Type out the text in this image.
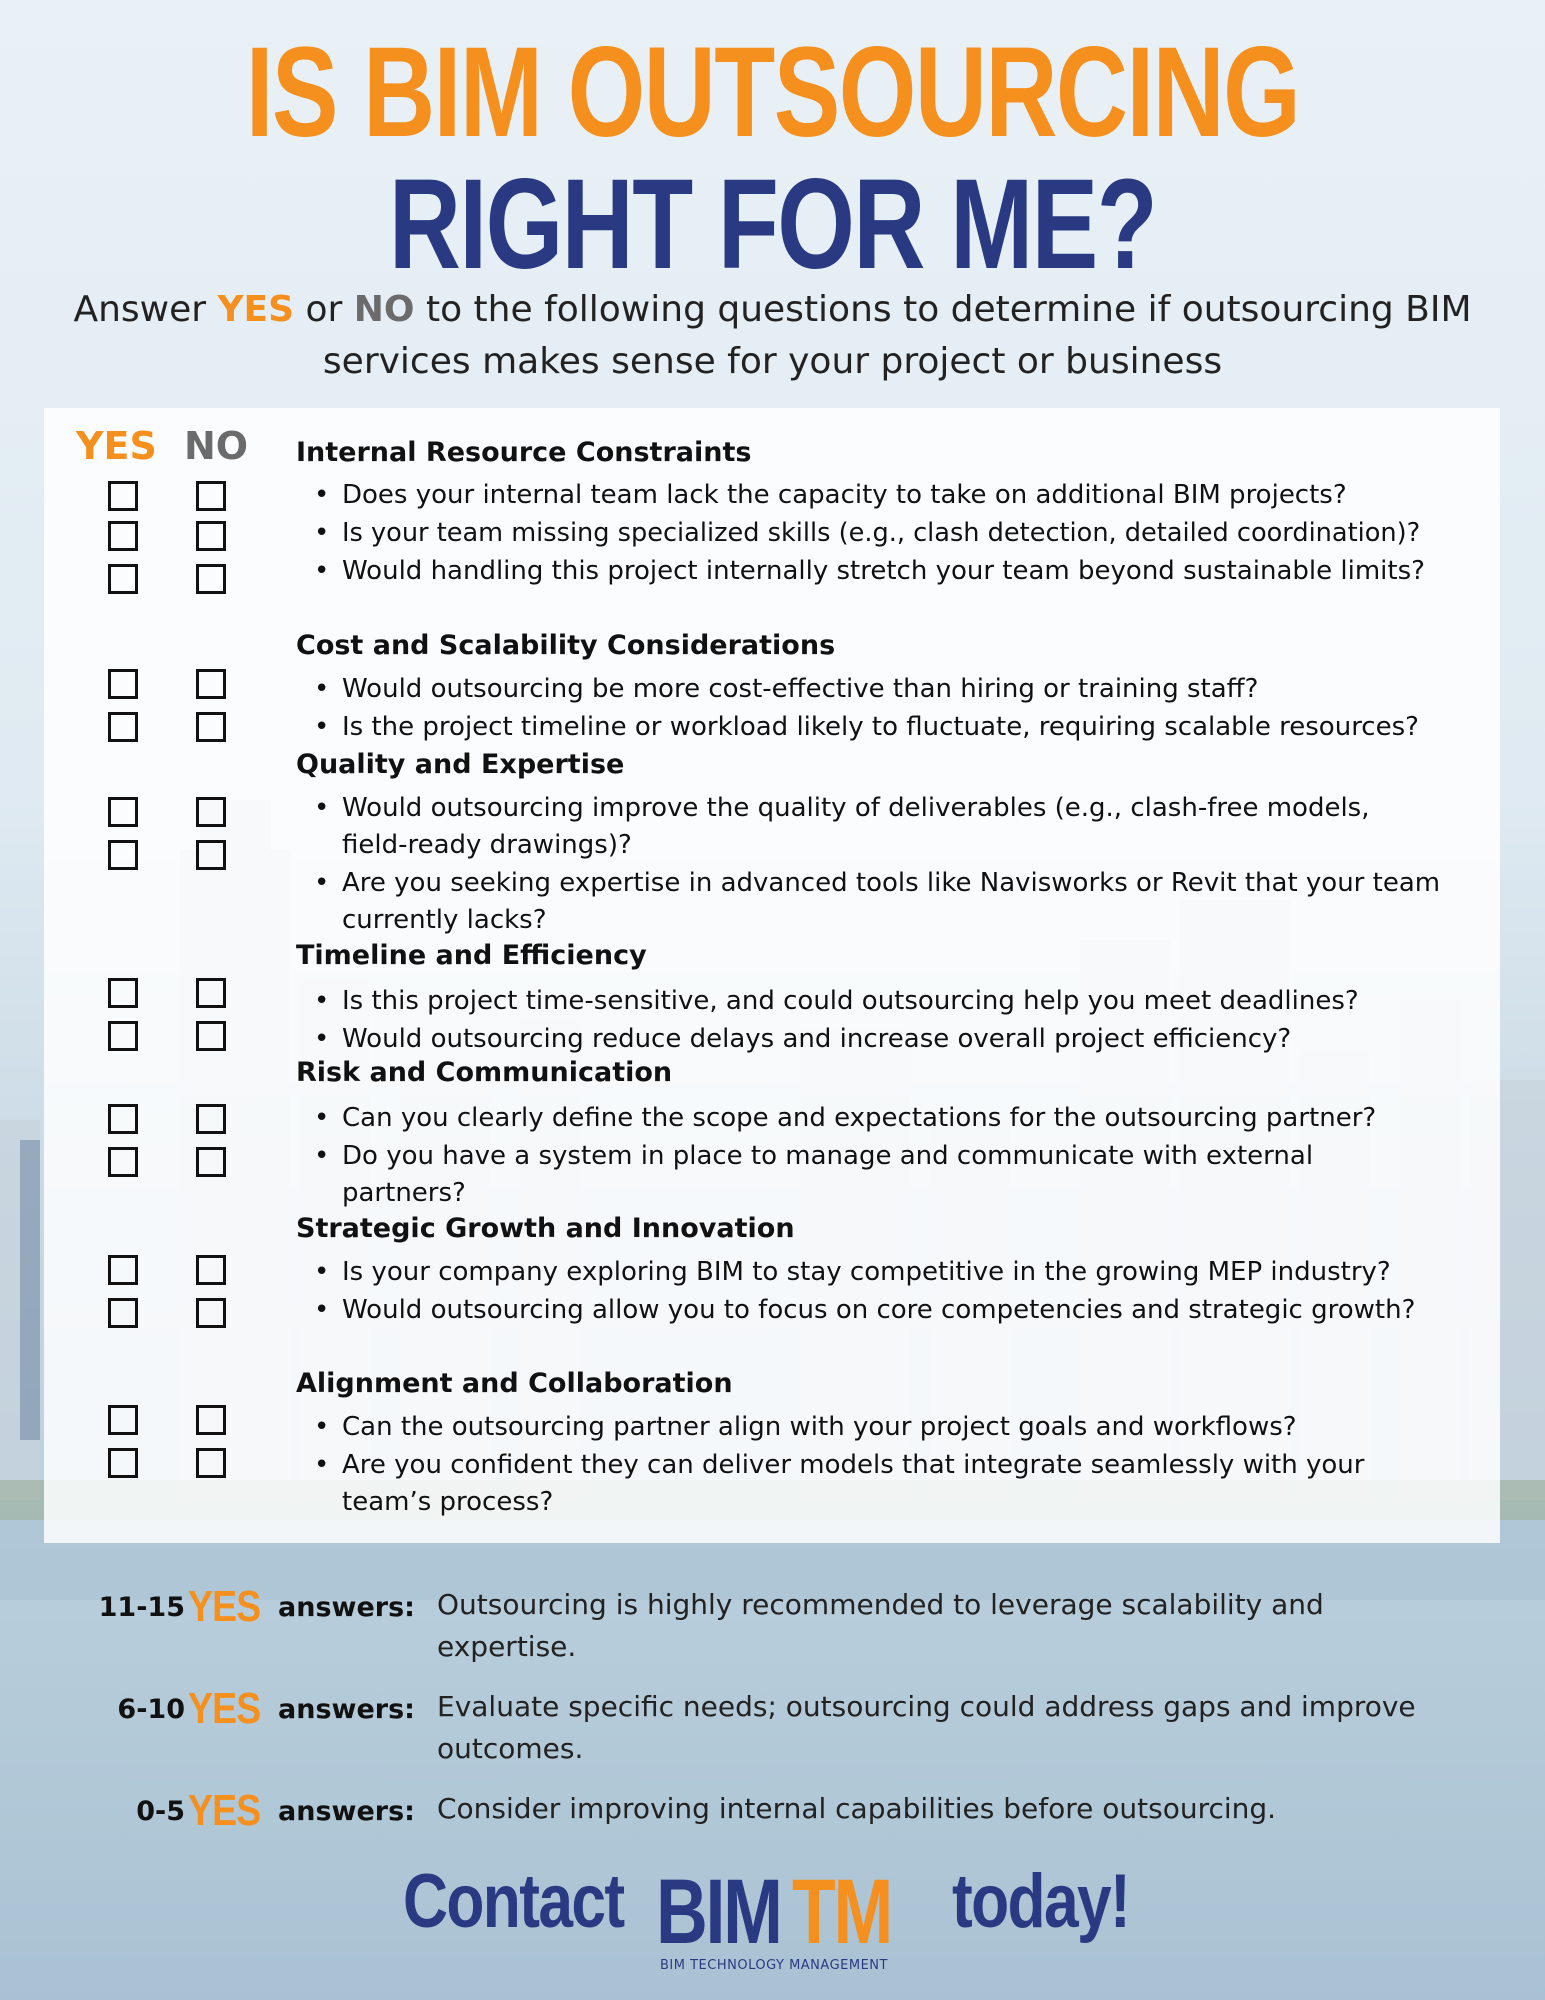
IS BIM OUTSOURCING
RIGHT FOR ME?
Answer YES or NO to the following questions to determine if outsourcing BIM services makes sense for your project or business
YES NO Internal Resource Constraints
• Does your internal team lack the capacity to take on additional BIM projects?
• Is your team missing specialized skills (e.g., clash detection, detailed coordination)?
• Would handling this project internally stretch your team beyond sustainable limits?
Cost and Scalability Considerations
• Would outsourcing be more cost-effective than hiring or training staff?
• Is the project timeline or workload likely to fluctuate, requiring scalable resources?
Quality and Expertise
• Would outsourcing improve the quality of deliverables (e.g., clash-free models, field-ready drawings)?
• Are you seeking expertise in advanced tools like Navisworks or Revit that your team currently lacks?
Timeline and Efficiency
• Is this project time-sensitive, and could outsourcing help you meet deadlines?
• Would outsourcing reduce delays and increase overall project efficiency?
Risk and Communication
• Can you clearly define the scope and expectations for the outsourcing partner?
• Do you have a system in place to manage and communicate with external partners?
Strategic Growth and Innovation
• Is your company exploring BIM to stay competitive in the growing MEP industry?
• Would outsourcing allow you to focus on core competencies and strategic growth?
Alignment and Collaboration
• Can the outsourcing partner align with your project goals and workflows?
• Are you confident they can deliver models that integrate seamlessly with your team’s process?
11-15 YES answers: Outsourcing is highly recommended to leverage scalability and expertise.
6-10 YES answers: Evaluate specific needs; outsourcing could address gaps and improve outcomes.
0-5 YES answers: Consider improving internal capabilities before outsourcing.
Contact BIM TM
BIM TECHNOLOGY MANAGEMENT
today!
